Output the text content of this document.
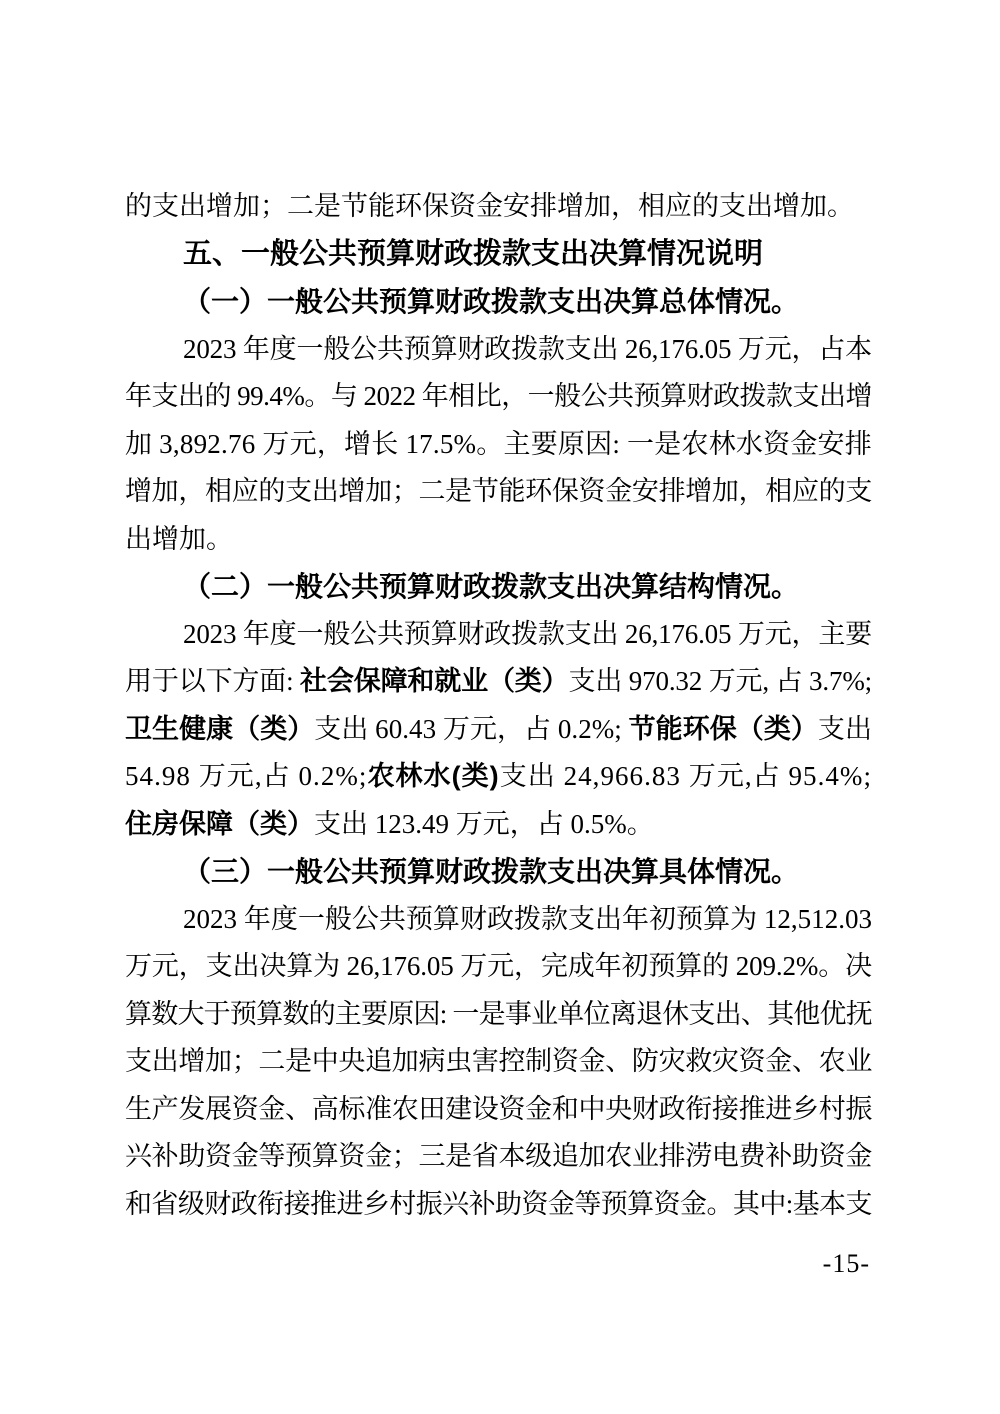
的支出增加；二是节能环保资金安排增加，相应的支出增加。
五、一般公共预算财政拨款支出决算情况说明
（一）一般公共预算财政拨款支出决算总体情况。
2023 年度一般公共预算财政拨款支出 26,176.05 万元，占本
年支出的 99.4%。与 2022 年相比，一般公共预算财政拨款支出增
加 3,892.76 万元，增长 17.5%。主要原因: 一是农林水资金安排
增加，相应的支出增加；二是节能环保资金安排增加，相应的支
出增加。
（二）一般公共预算财政拨款支出决算结构情况。
2023 年度一般公共预算财政拨款支出 26,176.05 万元，主要
用于以下方面: 社会保障和就业（类）支出 970.32 万元, 占 3.7%;
卫生健康（类）支出 60.43 万元，占 0.2%; 节能环保（类）支出
54.98 万元,占 0.2%;农林水(类)支出 24,966.83 万元,占 95.4%;
住房保障（类）支出 123.49 万元，占 0.5%。
（三）一般公共预算财政拨款支出决算具体情况。
2023 年度一般公共预算财政拨款支出年初预算为 12,512.03
万元，支出决算为 26,176.05 万元，完成年初预算的 209.2%。决
算数大于预算数的主要原因: 一是事业单位离退休支出、其他优抚
支出增加；二是中央追加病虫害控制资金、防灾救灾资金、农业
生产发展资金、高标准农田建设资金和中央财政衔接推进乡村振
兴补助资金等预算资金；三是省本级追加农业排涝电费补助资金
和省级财政衔接推进乡村振兴补助资金等预算资金。其中:基本支
-15-
